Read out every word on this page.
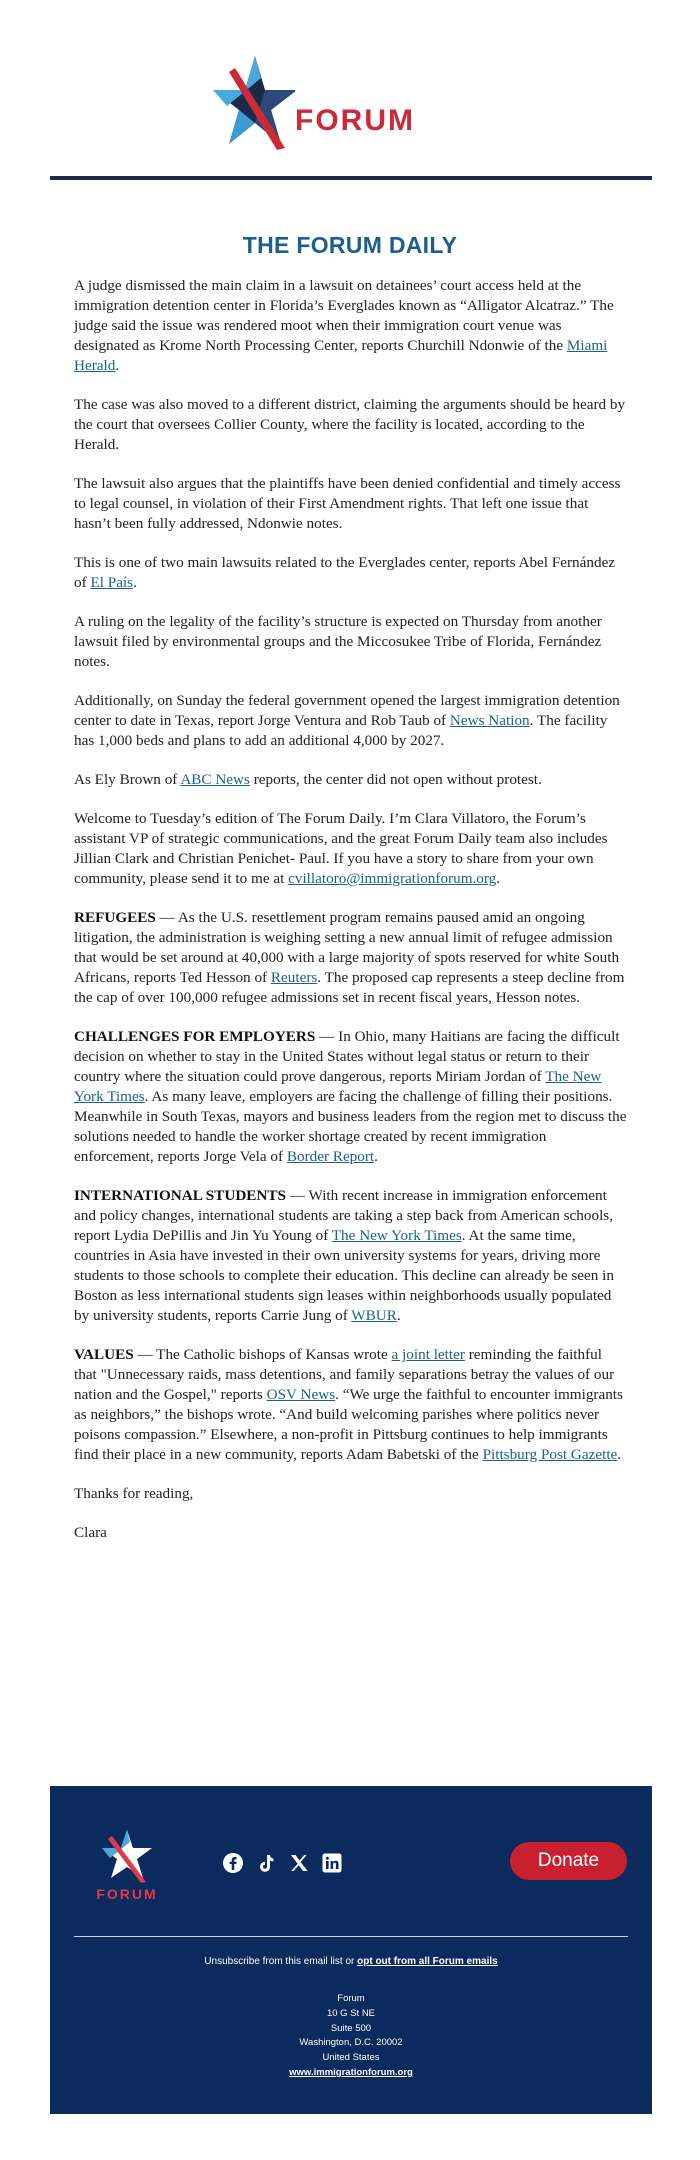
FORUM
THE FORUM DAILY

A judge dismissed the main claim in a lawsuit on detainees’ court access held at the immigration detention center in Florida’s Everglades known as “Alligator Alcatraz.” The judge said the issue was rendered moot when their immigration court venue was designated as Krome North Processing Center, reports Churchill Ndonwie of the Miami Herald.

The case was also moved to a different district, claiming the arguments should be heard by the court that oversees Collier County, where the facility is located, according to the Herald.

The lawsuit also argues that the plaintiffs have been denied confidential and timely access to legal counsel, in violation of their First Amendment rights. That left one issue that hasn’t been fully addressed, Ndonwie notes.

This is one of two main lawsuits related to the Everglades center, reports Abel Fernández of El País.

A ruling on the legality of the facility’s structure is expected on Thursday from another lawsuit filed by environmental groups and the Miccosukee Tribe of Florida, Fernández notes.

Additionally, on Sunday the federal government opened the largest immigration detention center to date in Texas, report Jorge Ventura and Rob Taub of News Nation. The facility has 1,000 beds and plans to add an additional 4,000 by 2027.

As Ely Brown of ABC News reports, the center did not open without protest.

Welcome to Tuesday’s edition of The Forum Daily. I’m Clara Villatoro, the Forum’s assistant VP of strategic communications, and the great Forum Daily team also includes Jillian Clark and Christian Penichet- Paul. If you have a story to share from your own community, please send it to me at cvillatoro@immigrationforum.org.

REFUGEES — As the U.S. resettlement program remains paused amid an ongoing litigation, the administration is weighing setting a new annual limit of refugee admission that would be set around at 40,000 with a large majority of spots reserved for white South Africans, reports Ted Hesson of Reuters. The proposed cap represents a steep decline from the cap of over 100,000 refugee admissions set in recent fiscal years, Hesson notes.

CHALLENGES FOR EMPLOYERS — In Ohio, many Haitians are facing the difficult decision on whether to stay in the United States without legal status or return to their country where the situation could prove dangerous, reports Miriam Jordan of The New York Times. As many leave, employers are facing the challenge of filling their positions. Meanwhile in South Texas, mayors and business leaders from the region met to discuss the solutions needed to handle the worker shortage created by recent immigration enforcement, reports Jorge Vela of Border Report.

INTERNATIONAL STUDENTS — With recent increase in immigration enforcement and policy changes, international students are taking a step back from American schools, report Lydia DePillis and Jin Yu Young of The New York Times. At the same time, countries in Asia have invested in their own university systems for years, driving more students to those schools to complete their education. This decline can already be seen in Boston as less international students sign leases within neighborhoods usually populated by university students, reports Carrie Jung of WBUR.

VALUES — The Catholic bishops of Kansas wrote a joint letter reminding the faithful that "Unnecessary raids, mass detentions, and family separations betray the values of our nation and the Gospel," reports OSV News. “We urge the faithful to encounter immigrants as neighbors,” the bishops wrote. “And build welcoming parishes where politics never poisons compassion.” Elsewhere, a non-profit in Pittsburg continues to help immigrants find their place in a new community, reports Adam Babetski of the Pittsburg Post Gazette.

Thanks for reading,

Clara

FORUM
Donate
Unsubscribe from this email list or opt out from all Forum emails
Forum
10 G St NE
Suite 500
Washington, D.C. 20002
United States
www.immigrationforum.org
